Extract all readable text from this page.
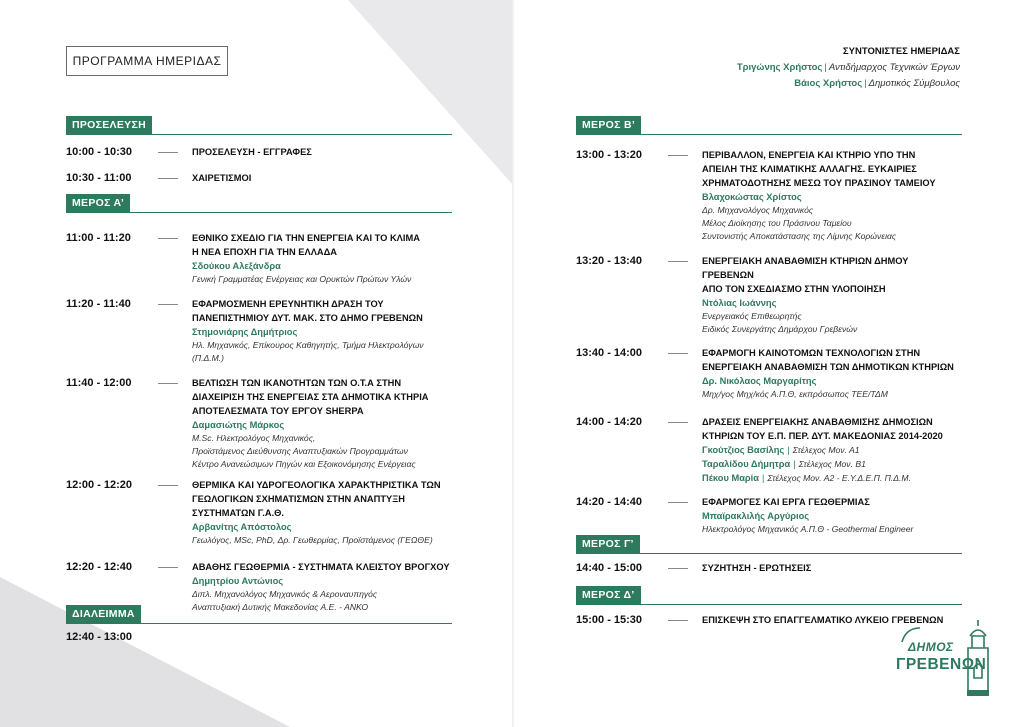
ΠΡΟΓΡΑΜΜΑ ΗΜΕΡΙΔΑΣ
ΣΥΝΤΟΝΙΣΤΕΣ ΗΜΕΡΙΔΑΣ
Τριγώνης Χρήστος | Αντιδήμαρχος Τεχνικών Έργων
Βάιος Χρήστος | Δημοτικός Σύμβουλος
ΠΡΟΣΕΛΕΥΣΗ
10:00 - 10:30	ΠΡΟΣΕΛΕΥΣΗ - ΕΓΓΡΑΦΕΣ
10:30 - 11:00	ΧΑΙΡΕΤΙΣΜΟΙ
ΜΕΡΟΣ Α’
11:00 - 11:20	ΕΘΝΙΚΟ ΣΧΕΔΙΟ ΓΙΑ ΤΗΝ ΕΝΕΡΓΕΙΑ ΚΑΙ ΤΟ ΚΛΙΜΑ
Η ΝΕΑ ΕΠΟΧΗ ΓΙΑ ΤΗΝ ΕΛΛΑΔΑ
Σδούκου Αλεξάνδρα
Γενική Γραμματέας Ενέργειας και Ορυκτών Πρώτων Υλών
11:20 - 11:40	ΕΦΑΡΜΟΣΜΕΝΗ ΕΡΕΥΝΗΤΙΚΗ ΔΡΑΣΗ ΤΟΥ
ΠΑΝΕΠΙΣΤΗΜΙΟΥ ΔΥΤ. ΜΑΚ. ΣΤΟ ΔΗΜΟ ΓΡΕΒΕΝΩΝ
Στημονιάρης Δημήτριος
Ηλ. Μηχανικός, Επίκουρος Καθηγητής, Τμήμα Ηλεκτρολόγων
(Π.Δ.Μ.)
11:40 - 12:00	ΒΕΛΤΙΩΣΗ ΤΩΝ ΙΚΑΝΟΤΗΤΩΝ ΤΩΝ Ο.Τ.Α ΣΤΗΝ
ΔΙΑΧΕΙΡΙΣΗ ΤΗΣ ΕΝΕΡΓΕΙΑΣ ΣΤΑ ΔΗΜΟΤΙΚΑ ΚΤΗΡΙΑ
ΑΠΟΤΕΛΕΣΜΑΤΑ ΤΟΥ ΕΡΓΟΥ SHERPA
Δαμασιώτης Μάρκος
M.Sc. Ηλεκτρολόγος Μηχανικός,
Προϊστάμενος Διεύθυνσης Αναπτυξιακών Προγραμμάτων
Κέντρο Ανανεώσιμων Πηγών και Εξοικονόμησης Ενέργειας
12:00 - 12:20	ΘΕΡΜΙΚΑ ΚΑΙ ΥΔΡΟΓΕΟΛΟΓΙΚΑ ΧΑΡΑΚΤΗΡΙΣΤΙΚΑ ΤΩΝ
ΓΕΩΛΟΓΙΚΩΝ ΣΧΗΜΑΤΙΣΜΩΝ ΣΤΗΝ ΑΝΑΠΤΥΞΗ
ΣΥΣΤΗΜΑΤΩΝ Γ.Α.Θ.
Αρβανίτης Απόστολος
Γεωλόγος, MSc, PhD, Δρ. Γεωθερμίας, Προϊστάμενος (ΓΕΩΘΕ)
12:20 - 12:40	ΑΒΑΘΗΣ ΓΕΩΘΕΡΜΙΑ - ΣΥΣΤΗΜΑΤΑ ΚΛΕΙΣΤΟΥ ΒΡΟΓΧΟΥ
Δημητρίου Αντώνιος
Διπλ. Μηχανολόγος Μηχανικός & Αεροναυπηγός
Αναπτυξιακή Δυτικής Μακεδονίας Α.Ε. - ΑΝΚΟ
ΔΙΑΛΕΙΜΜΑ
12:40 - 13:00
ΜΕΡΟΣ Β’
13:00 - 13:20	ΠΕΡΙΒΑΛΛΟΝ, ΕΝΕΡΓΕΙΑ ΚΑΙ ΚΤΗΡΙΟ ΥΠΟ ΤΗΝ
ΑΠΕΙΛΗ ΤΗΣ ΚΛΙΜΑΤΙΚΗΣ ΑΛΛΑΓΗΣ. ΕΥΚΑΙΡΙΕΣ
ΧΡΗΜΑΤΟΔΟΤΗΣΗΣ ΜΕΣΩ ΤΟΥ ΠΡΑΣΙΝΟΥ ΤΑΜΕΙΟΥ
Βλαχοκώστας Χρίστος
Δρ. Μηχανολόγος Μηχανικός
Μέλος Διοίκησης του Πράσινου Ταμείου
Συντονιστής Αποκατάστασης της Λίμνης Κορώνειας
13:20 - 13:40	ΕΝΕΡΓΕΙΑΚΗ ΑΝΑΒΑΘΜΙΣΗ ΚΤΗΡΙΩΝ ΔΗΜΟΥ
ΓΡΕΒΕΝΩΝ
ΑΠΟ ΤΟΝ ΣΧΕΔΙΑΣΜΟ ΣΤΗΝ ΥΛΟΠΟΙΗΣΗ
Ντόλιας Ιωάννης
Ενεργειακός Επιθεωρητής
Ειδικός Συνεργάτης Δημάρχου Γρεβενών
13:40 - 14:00	ΕΦΑΡΜΟΓΗ ΚΑΙΝΟΤΟΜΩΝ ΤΕΧΝΟΛΟΓΙΩΝ ΣΤΗΝ
ΕΝΕΡΓΕΙΑΚΗ ΑΝΑΒΑΘΜΙΣΗ ΤΩΝ ΔΗΜΟΤΙΚΩΝ ΚΤΗΡΙΩΝ
Δρ. Νικόλαος Μαργαρίτης
Μηχ/γος Μηχ/κός Α.Π.Θ, εκπρόσωπος ΤΕΕ/ΤΔΜ
14:00 - 14:20	ΔΡΑΣΕΙΣ ΕΝΕΡΓΕΙΑΚΗΣ ΑΝΑΒΑΘΜΙΣΗΣ ΔΗΜΟΣΙΩΝ
ΚΤΗΡΙΩΝ ΤΟΥ Ε.Π. ΠΕΡ. ΔΥΤ. ΜΑΚΕΔΟΝΙΑΣ 2014-2020
Γκούτζιος Βασίλης | Στέλεχος Μον. Α1
Ταραλίδου Δήμητρα | Στέλεχος Μον. Β1
Πέκου Μαρία | Στέλεχος Μον. Α2 - Ε.Υ.Δ.Ε.Π. Π.Δ.Μ.
14:20 - 14:40	ΕΦΑΡΜΟΓΕΣ ΚΑΙ ΕΡΓΑ ΓΕΩΘΕΡΜΙΑΣ
Μπαϊρακλιλής Αργύριος
Ηλεκτρολόγος Μηχανικός Α.Π.Θ - Geothermal Engineer
ΜΕΡΟΣ Γ’
14:40 - 15:00	ΣΥΖΗΤΗΣΗ - ΕΡΩΤΗΣΕΙΣ
ΜΕΡΟΣ Δ’
15:00 - 15:30	ΕΠΙΣΚΕΨΗ ΣΤΟ ΕΠΑΓΓΕΛΜΑΤΙΚΟ ΛΥΚΕΙΟ ΓΡΕΒΕΝΩΝ
ΔΗΜΟΣ
ΓΡΕΒΕΝΩΝ
